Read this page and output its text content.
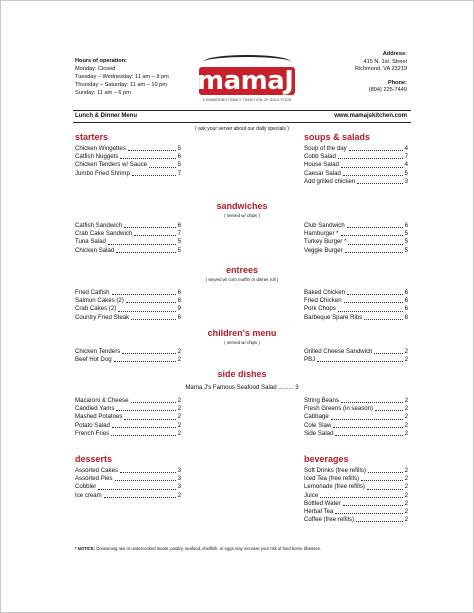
Hours of operation:
Monday: Closed
Tuesday – Wednesday: 11 am – 9 pm
Thursday – Saturday: 11 am – 10 pm
Sunday: 11 am – 6 pm	mamaJ's
A SIMMERING FAMILY TRADITION OF SOUL FOOD
Address:
415 N. 1st. Street
Richmond, VA 23219
Phone:
(804) 225-7449
Lunch & Dinner Menu	www.mamajskitchen.com
( ask your server about our daily specials )
starters
Chicken Wingettes	5
Catfish Nuggets	6
Chicken Tenders w/ Sauce	5
Jumbo Fried Shrimp	7
soups & salads
Soup of the day	4
Cobb Salad	7
House Salad	4
Caesar Salad	5
Add grilled chicken	3
sandwiches
( served w/ chips )
Catfish Sandwich	6
Crab Cake Sandwich	7
Tuna Salad	5
Chicken Salad	5
Club Sandwich	6
Hamburger *	5
Turkey Burger *	5
Veggie Burger	5
entrees
( served w/ corn muffin or dinner roll )
Fried Catfish	6
Salmon Cakes (2)	8
Crab Cakes (2)	9
Country Fried Steak	6
Baked Chicken	6
Fried Chicken	6
Pork Chops	6
Barbeque Spare Ribs	8
children's menu
( served w/ chips )
Chicken Tenders	2
Beef Hot Dog	2
Grilled Cheese Sandwich	2
PBJ	2
side dishes
Mama J's Famous Seafood Salad ......... 3
Macaroni & Cheese	2
Candied Yams	2
Mashed Potatoes	2
Potato Salad	2
French Fries	2
String Beans	2
Fresh Greens (in season)	2
Cabbage	2
Cole Slaw	2
Side Salad	2
desserts
Assorted Cakes	3
Assorted Pies	3
Cobbler	3
Ice cream	2
beverages
Soft Drinks (free refills)	2
Iced Tea (free refills)	2
Lemonade (free refills)	2
Juice	2
Bottled Water	2
Herbal Tea	2
Coffee (free refills)	2
* NOTICE: Consuming raw or undercooked meats, poultry, seafood, shellfish, or eggs may increase your risk of food borne illnesses.
